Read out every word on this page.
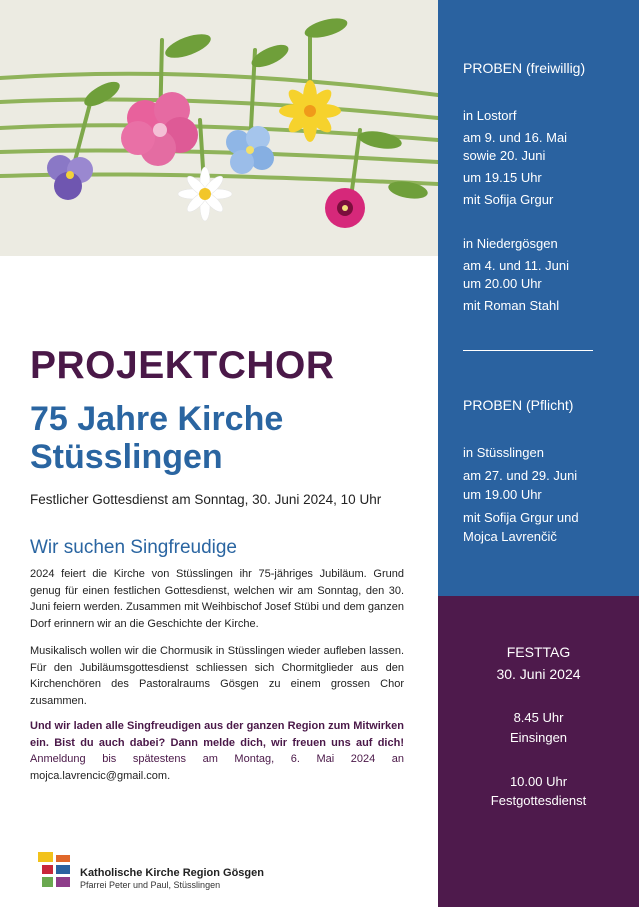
PROJEKTCHOR
75 Jahre Kirche Stüsslingen
Festlicher Gottesdienst am Sonntag, 30. Juni 2024, 10 Uhr
Wir suchen Singfreudige

2024 feiert die Kirche von Stüsslingen ihr 75-jähriges Jubiläum. Grund genug für einen festlichen Gottesdienst, welchen wir am Sonntag, den 30. Juni feiern werden. Zusammen mit Weihbischof Josef Stübi und dem ganzen Dorf erinnern wir an die Geschichte der Kirche.

Musikalisch wollen wir die Chormusik in Stüsslingen wieder aufleben lassen. Für den Jubiläumsgottesdienst schliessen sich Chormitglieder aus den Kirchenchören des Pastoralraums Gösgen zu einem grossen Chor zusammen.

Und wir laden alle Singfreudigen aus der ganzen Region zum Mitwirken ein. Bist du auch dabei? Dann melde dich, wir freuen uns auf dich! Anmeldung bis spätestens am Montag, 6. Mai 2024 an mojca.lavrencic@gmail.com.

Katholische Kirche Region Gösgen
Pfarrei Peter und Paul, Stüsslingen
PROBEN (freiwillig)
in Lostorf
am 9. und 16. Mai
sowie 20. Juni
um 19.15 Uhr
mit Sofija Grgur
in Niedergösgen
am 4. und 11. Juni
um 20.00 Uhr
mit Roman Stahl
PROBEN (Pflicht)
in Stüsslingen
am 27. und 29. Juni
um 19.00 Uhr
mit Sofija Grgur und
Mojca Lavrenčič
FESTTAG
30. Juni 2024
8.45 Uhr
Einsingen
10.00 Uhr
Festgottesdienst
